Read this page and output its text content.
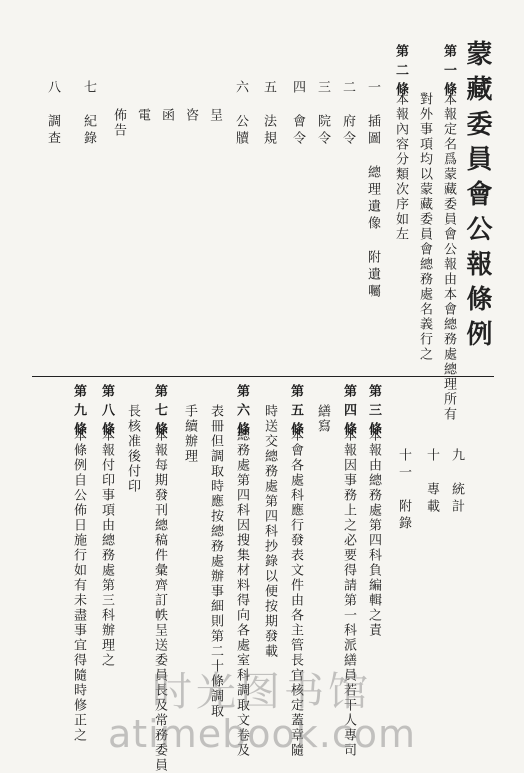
蒙藏委員會公報條例
第一條
本報定名爲蒙藏委員會公報由本會總務處總理所有
對外事項均以蒙藏委員會總務處名義行之
第二條
本報內容分類次序如左
一　插圖　總理遺像　附遺囑
二　府令
三　院令
四　會令
五　法規
六　公牘
呈
咨
函
電
佈告
七　紀錄
八　調查
九　統計
十　專載
十一　附錄
第三條
本報由總務處第四科負編輯之責
第四條
本報因事務上之必要得請第一科派繕員若干人專司
繕寫
第五條
本會各處科應行發表文件由各主管長官核定蓋章隨
時送交總務處第四科抄錄以便按期發載
第六條
總務處第四科因搜集材料得向各處室科調取文卷及
表冊但調取時應按總務處辦事細則第二十條調取
手續辦理
第七條
本報每期發刊總稿件彙齊訂帙呈送委員長及常務委員
長核准後付印
第八條
本報付印事項由總務處第三科辦理之
第九條
本條例自公佈日施行如有未盡事宜得隨時修正之	时光图书馆
atimebook.com
